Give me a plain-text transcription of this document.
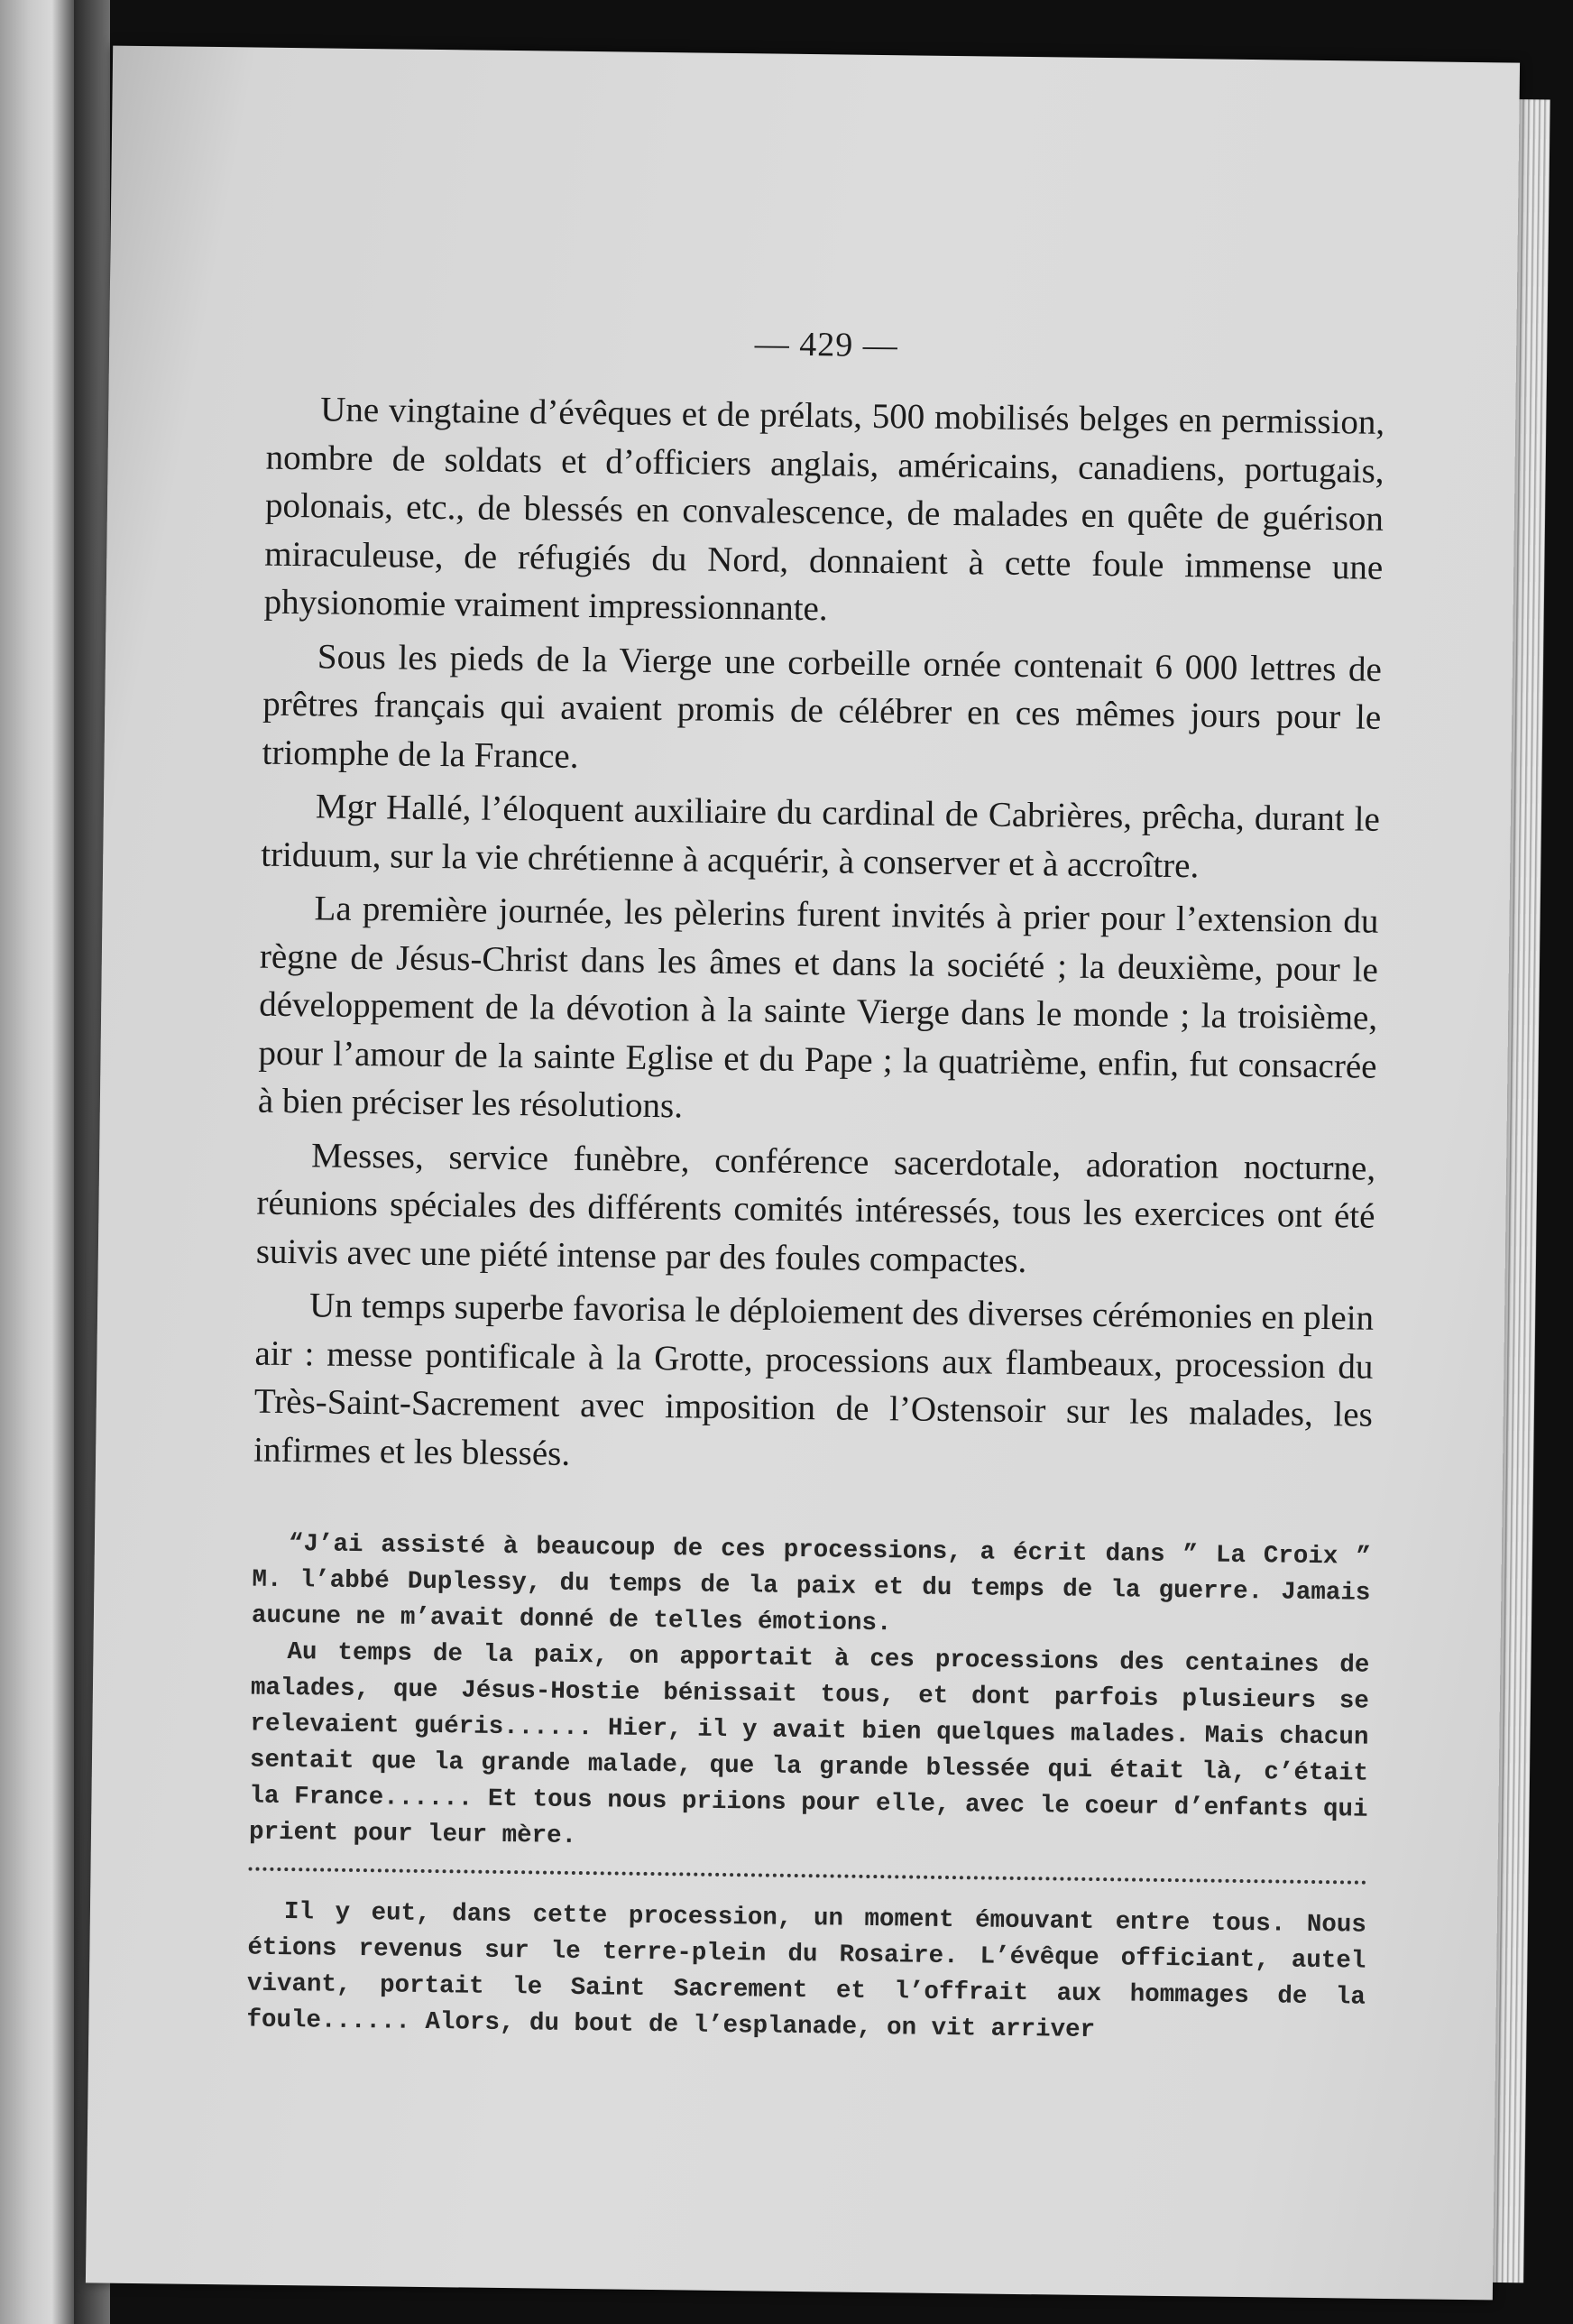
— 429 —

Une vingtaine d’évêques et de prélats, 500 mobilisés belges en permission, nombre de soldats et d’officiers anglais, américains, canadiens, portugais, polonais, etc., de blessés en convalescence, de malades en quête de guérison miraculeuse, de réfugiés du Nord, donnaient à cette foule immense une physionomie vraiment impressionnante.

Sous les pieds de la Vierge une corbeille ornée contenait 6 000 lettres de prêtres français qui avaient promis de célébrer en ces mêmes jours pour le triomphe de la France.

Mgr Hallé, l’éloquent auxiliaire du cardinal de Cabrières, prêcha, durant le triduum, sur la vie chrétienne à acquérir, à conserver et à accroître.

La première journée, les pèlerins furent invités à prier pour l’extension du règne de Jésus-Christ dans les âmes et dans la société ; la deuxième, pour le développement de la dévotion à la sainte Vierge dans le monde ; la troisième, pour l’amour de la sainte Eglise et du Pape ; la quatrième, enfin, fut consacrée à bien préciser les résolutions.

Messes, service funèbre, conférence sacerdotale, adoration nocturne, réunions spéciales des différents comités intéressés, tous les exercices ont été suivis avec une piété intense par des foules compactes.

Un temps superbe favorisa le déploiement des diverses cérémonies en plein air : messe pontificale à la Grotte, processions aux flambeaux, procession du Très-Saint-Sacrement avec imposition de l’Ostensoir sur les malades, les infirmes et les blessés.

“J’ai assisté à beaucoup de ces processions, a écrit dans ” La Croix ” M. l’abbé Duplessy, du temps de la paix et du temps de la guerre. Jamais aucune ne m’avait donné de telles émotions.

Au temps de la paix, on apportait à ces processions des centaines de malades, que Jésus-Hostie bénissait tous, et dont parfois plusieurs se relevaient guéris...... Hier, il y avait bien quelques malades. Mais chacun sentait que la grande malade, que la grande blessée qui était là, c’était la France...... Et tous nous priions pour elle, avec le coeur d’enfants qui prient pour leur mère.

Il y eut, dans cette procession, un moment émouvant entre tous. Nous étions revenus sur le terre-plein du Rosaire. L’évêque officiant, autel vivant, portait le Saint Sacrement et l’offrait aux hommages de la foule...... Alors, du bout de l’esplanade, on vit arriver
